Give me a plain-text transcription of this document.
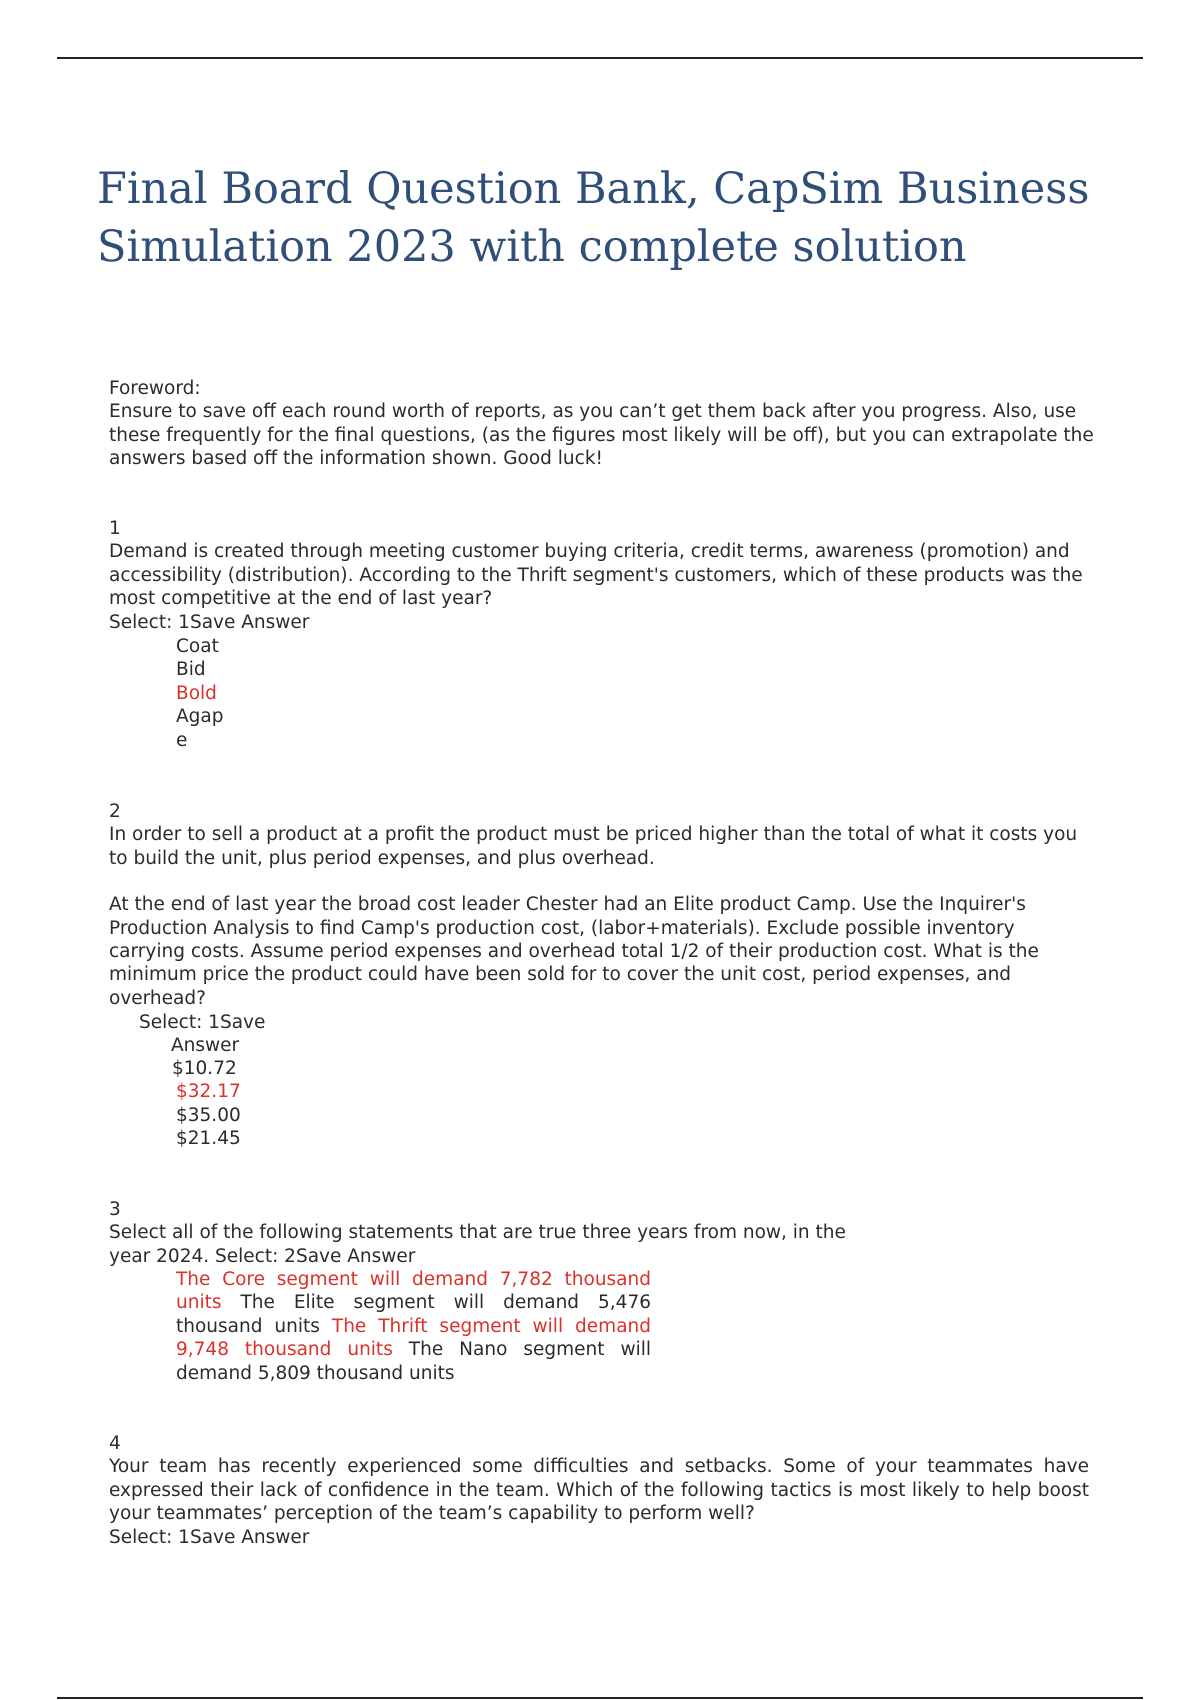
Final Board Question Bank, CapSim Business Simulation 2023 with complete solution

Foreword:

Ensure to save off each round worth of reports, as you can’t get them back after you progress. Also, use these frequently for the final questions, (as the figures most likely will be off), but you can extrapolate the answers based off the information shown. Good luck!

1

Demand is created through meeting customer buying criteria, credit terms, awareness (promotion) and accessibility (distribution). According to the Thrift segment's customers, which of these products was the most competitive at the end of last year?

Select: 1Save Answer

Coat
Bid
Bold
Agap
e

2

In order to sell a product at a profit the product must be priced higher than the total of what it costs you to build the unit, plus period expenses, and plus overhead.

At the end of last year the broad cost leader Chester had an Elite product Camp. Use the Inquirer's Production Analysis to find Camp's production cost, (labor+materials). Exclude possible inventory carrying costs. Assume period expenses and overhead total 1/2 of their production cost. What is the minimum price the product could have been sold for to cover the unit cost, period expenses, and overhead?

Select: 1Save
Answer
$10.72
$32.17
$35.00
$21.45

3

Select all of the following statements that are true three years from now, in the year 2024. Select: 2Save Answer

The Core segment will demand 7,782 thousand units The Elite segment will demand 5,476 thousand units The Thrift segment will demand 9,748 thousand units The Nano segment will demand 5,809 thousand units

4

Your team has recently experienced some difficulties and setbacks. Some of your teammates have expressed their lack of confidence in the team. Which of the following tactics is most likely to help boost your teammates’ perception of the team’s capability to perform well?

Select: 1Save Answer
